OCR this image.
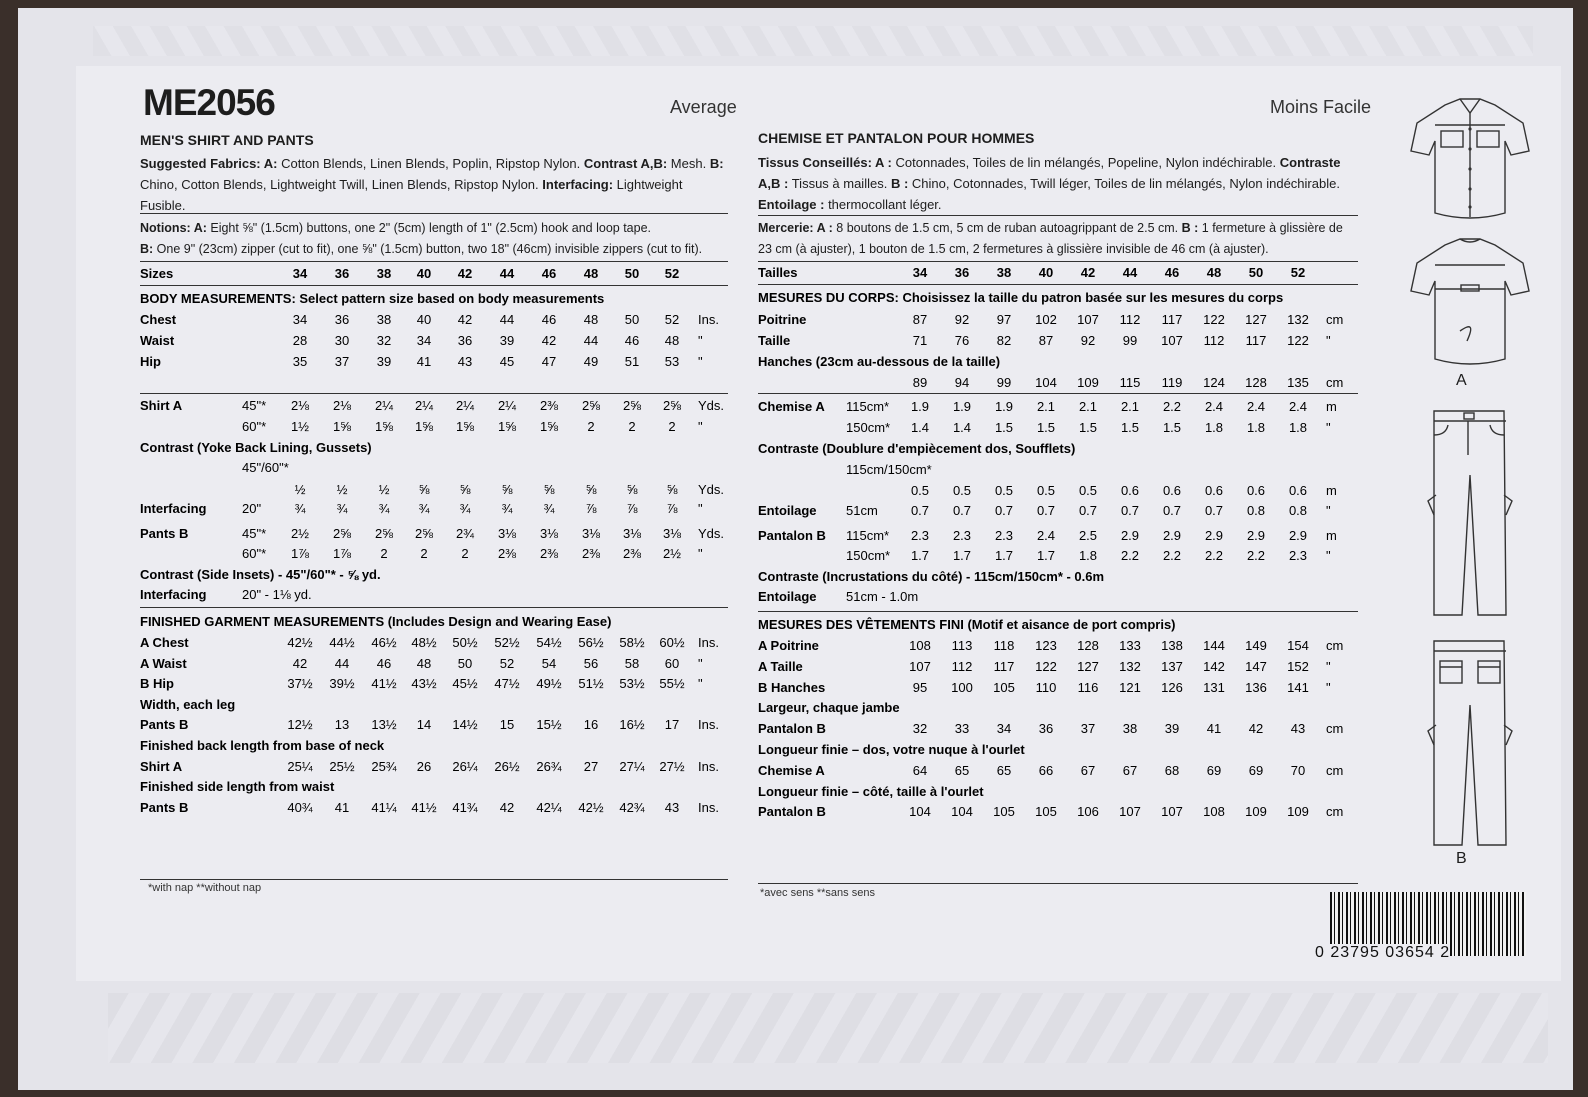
ME2056	Average	Moins Facile
MEN'S SHIRT AND PANTS
Suggested Fabrics: A: Cotton Blends, Linen Blends, Poplin, Ripstop Nylon. Contrast A,B: Mesh. B: Chino, Cotton Blends, Lightweight Twill, Linen Blends, Ripstop Nylon. Interfacing: Lightweight Fusible.
Notions: A: Eight ⅝" (1.5cm) buttons, one 2" (5cm) length of 1" (2.5cm) hook and loop tape.
B: One 9" (23cm) zipper (cut to fit), one ⅝" (1.5cm) button, two 18" (46cm) invisible zippers (cut to fit).
Sizes	34	36	38	40	42	44	46	48	50	52
BODY MEASUREMENTS: Select pattern size based on body measurements
Chest	34	36	38	40	42	44	46	48	50	52	Ins.
Waist	28	30	32	34	36	39	42	44	46	48	"
Hip	35	37	39	41	43	45	47	49	51	53	"
Shirt A	45"*	2⅛	2⅛	2¼	2¼	2¼	2¼	2⅜	2⅝	2⅝	2⅝	Yds.
60"*	1½	1⅝	1⅝	1⅝	1⅝	1⅝	1⅝	2	2	2	"
Contrast (Yoke Back Lining, Gussets)
45"/60"*
½	½	½	⅝	⅝	⅝	⅝	⅝	⅝	⅝	Yds.
Interfacing	20"	¾	¾	¾	¾	¾	¾	¾	⅞	⅞	⅞	"
Pants B	45"*	2½	2⅝	2⅝	2⅝	2¾	3⅛	3⅛	3⅛	3⅛	3⅛	Yds.
60"*	1⅞	1⅞	2	2	2	2⅜	2⅜	2⅜	2⅜	2½	"
Contrast (Side Insets) - 45"/60"* - ⅝ yd.
Interfacing	20" - 1⅛ yd.
FINISHED GARMENT MEASUREMENTS (Includes Design and Wearing Ease)
A Chest	42½	44½	46½	48½	50½	52½	54½	56½	58½	60½	Ins.
A Waist	42	44	46	48	50	52	54	56	58	60	"
B Hip	37½	39½	41½	43½	45½	47½	49½	51½	53½	55½	"
Width, each leg
Pants B	12½	13	13½	14	14½	15	15½	16	16½	17	Ins.
Finished back length from base of neck
Shirt A	25¼	25½	25¾	26	26¼	26½	26¾	27	27¼	27½	Ins.
Finished side length from waist
Pants B	40¾	41	41¼	41½	41¾	42	42¼	42½	42¾	43	Ins.
*with nap **without nap
CHEMISE ET PANTALON POUR HOMMES
Tissus Conseillés: A : Cotonnades, Toiles de lin mélangés, Popeline, Nylon indéchirable. Contraste A,B : Tissus à mailles. B : Chino, Cotonnades, Twill léger, Toiles de lin mélangés, Nylon indéchirable. Entoilage : thermocollant léger.
Mercerie: A : 8 boutons de 1.5 cm, 5 cm de ruban autoagrippant de 2.5 cm. B : 1 fermeture à glissière de 23 cm (à ajuster), 1 bouton de 1.5 cm, 2 fermetures à glissière invisible de 46 cm (à ajuster).
Tailles	34	36	38	40	42	44	46	48	50	52
MESURES DU CORPS: Choisissez la taille du patron basée sur les mesures du corps
Poitrine	87	92	97	102	107	112	117	122	127	132	cm
Taille	71	76	82	87	92	99	107	112	117	122	"
Hanches (23cm au-dessous de la taille)
89	94	99	104	109	115	119	124	128	135	cm
Chemise A 115cm*	1.9	1.9	1.9	2.1	2.1	2.1	2.2	2.4	2.4	2.4	m
150cm*	1.4	1.4	1.5	1.5	1.5	1.5	1.5	1.8	1.8	1.8	"
Contraste (Doublure d'empiècement dos, Soufflets)
115cm/150cm*
0.5	0.5	0.5	0.5	0.5	0.6	0.6	0.6	0.6	0.6	m
Entoilage 51cm	0.7	0.7	0.7	0.7	0.7	0.7	0.7	0.7	0.8	0.8	"
Pantalon B 115cm*	2.3	2.3	2.3	2.4	2.5	2.9	2.9	2.9	2.9	2.9	m
150cm*	1.7	1.7	1.7	1.7	1.8	2.2	2.2	2.2	2.2	2.3	"
Contraste (Incrustations du côté) - 115cm/150cm* - 0.6m
Entoilage 51cm - 1.0m
MESURES DES VÊTEMENTS FINI (Motif et aisance de port compris)
A Poitrine	108	113	118	123	128	133	138	144	149	154	cm
A Taille	107	112	117	122	127	132	137	142	147	152	"
B Hanches	95	100	105	110	116	121	126	131	136	141	"
Largeur, chaque jambe
Pantalon B	32	33	34	36	37	38	39	41	42	43	cm
Longueur finie – dos, votre nuque à l'ourlet
Chemise A	64	65	65	66	67	67	68	69	69	70	cm
Longueur finie – côté, taille à l'ourlet
Pantalon B	104	104	105	105	106	107	107	108	109	109	cm
*avec sens **sans sens
A
B
0 23795 03654 2
